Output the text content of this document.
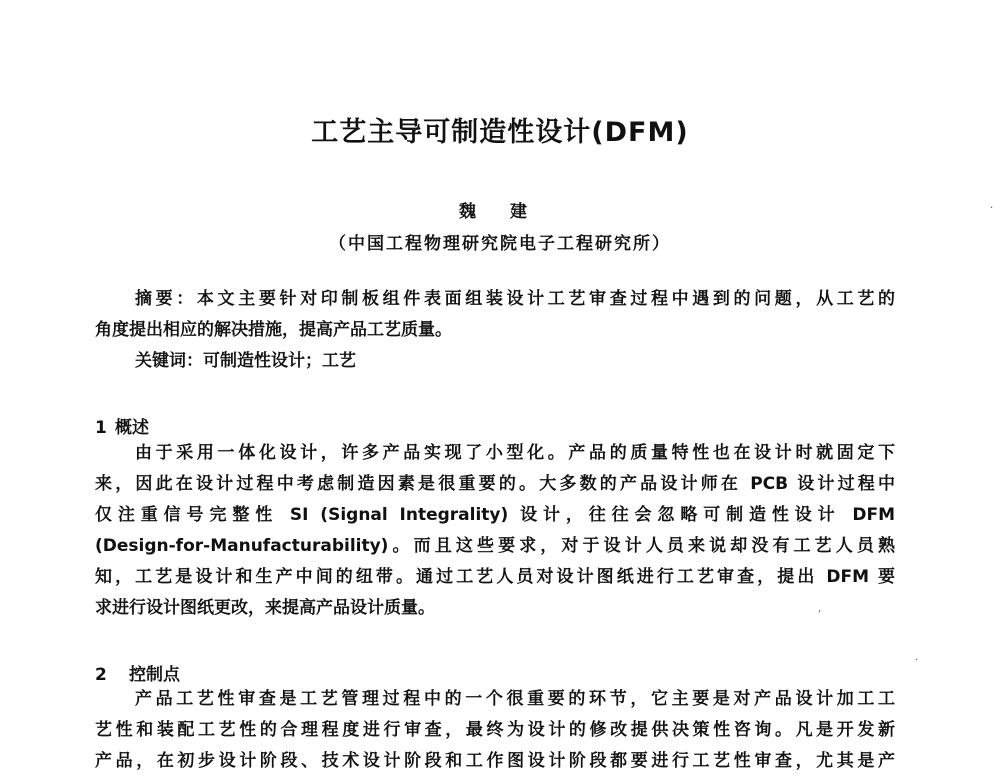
工艺主导可制造性设计(DFM)
魏 建
（中国工程物理研究院电子工程研究所）
摘要：本文主要针对印制板组件表面组装设计工艺审查过程中遇到的问题，从工艺的
角度提出相应的解决措施，提高产品工艺质量。
关键词：可制造性设计；工艺
1 概述
由于采用一体化设计，许多产品实现了小型化。产品的质量特性也在设计时就固定下
来，因此在设计过程中考虑制造因素是很重要的。大多数的产品设计师在 PCB 设计过程中
仅注重信号完整性 SI (Signal Integrality) 设计，往往会忽略可制造性设计 DFM
(Design-for-Manufacturability)。而且这些要求，对于设计人员来说却没有工艺人员熟
知，工艺是设计和生产中间的纽带。通过工艺人员对设计图纸进行工艺审查，提出 DFM 要
求进行设计图纸更改，来提高产品设计质量。
2 控制点
产品工艺性审查是工艺管理过程中的一个很重要的环节，它主要是对产品设计加工工
艺性和装配工艺性的合理程度进行审查，最终为设计的修改提供决策性咨询。凡是开发新
产品，在初步设计阶段、技术设计阶段和工作图设计阶段都要进行工艺性审查，尤其是产
·
,
·
